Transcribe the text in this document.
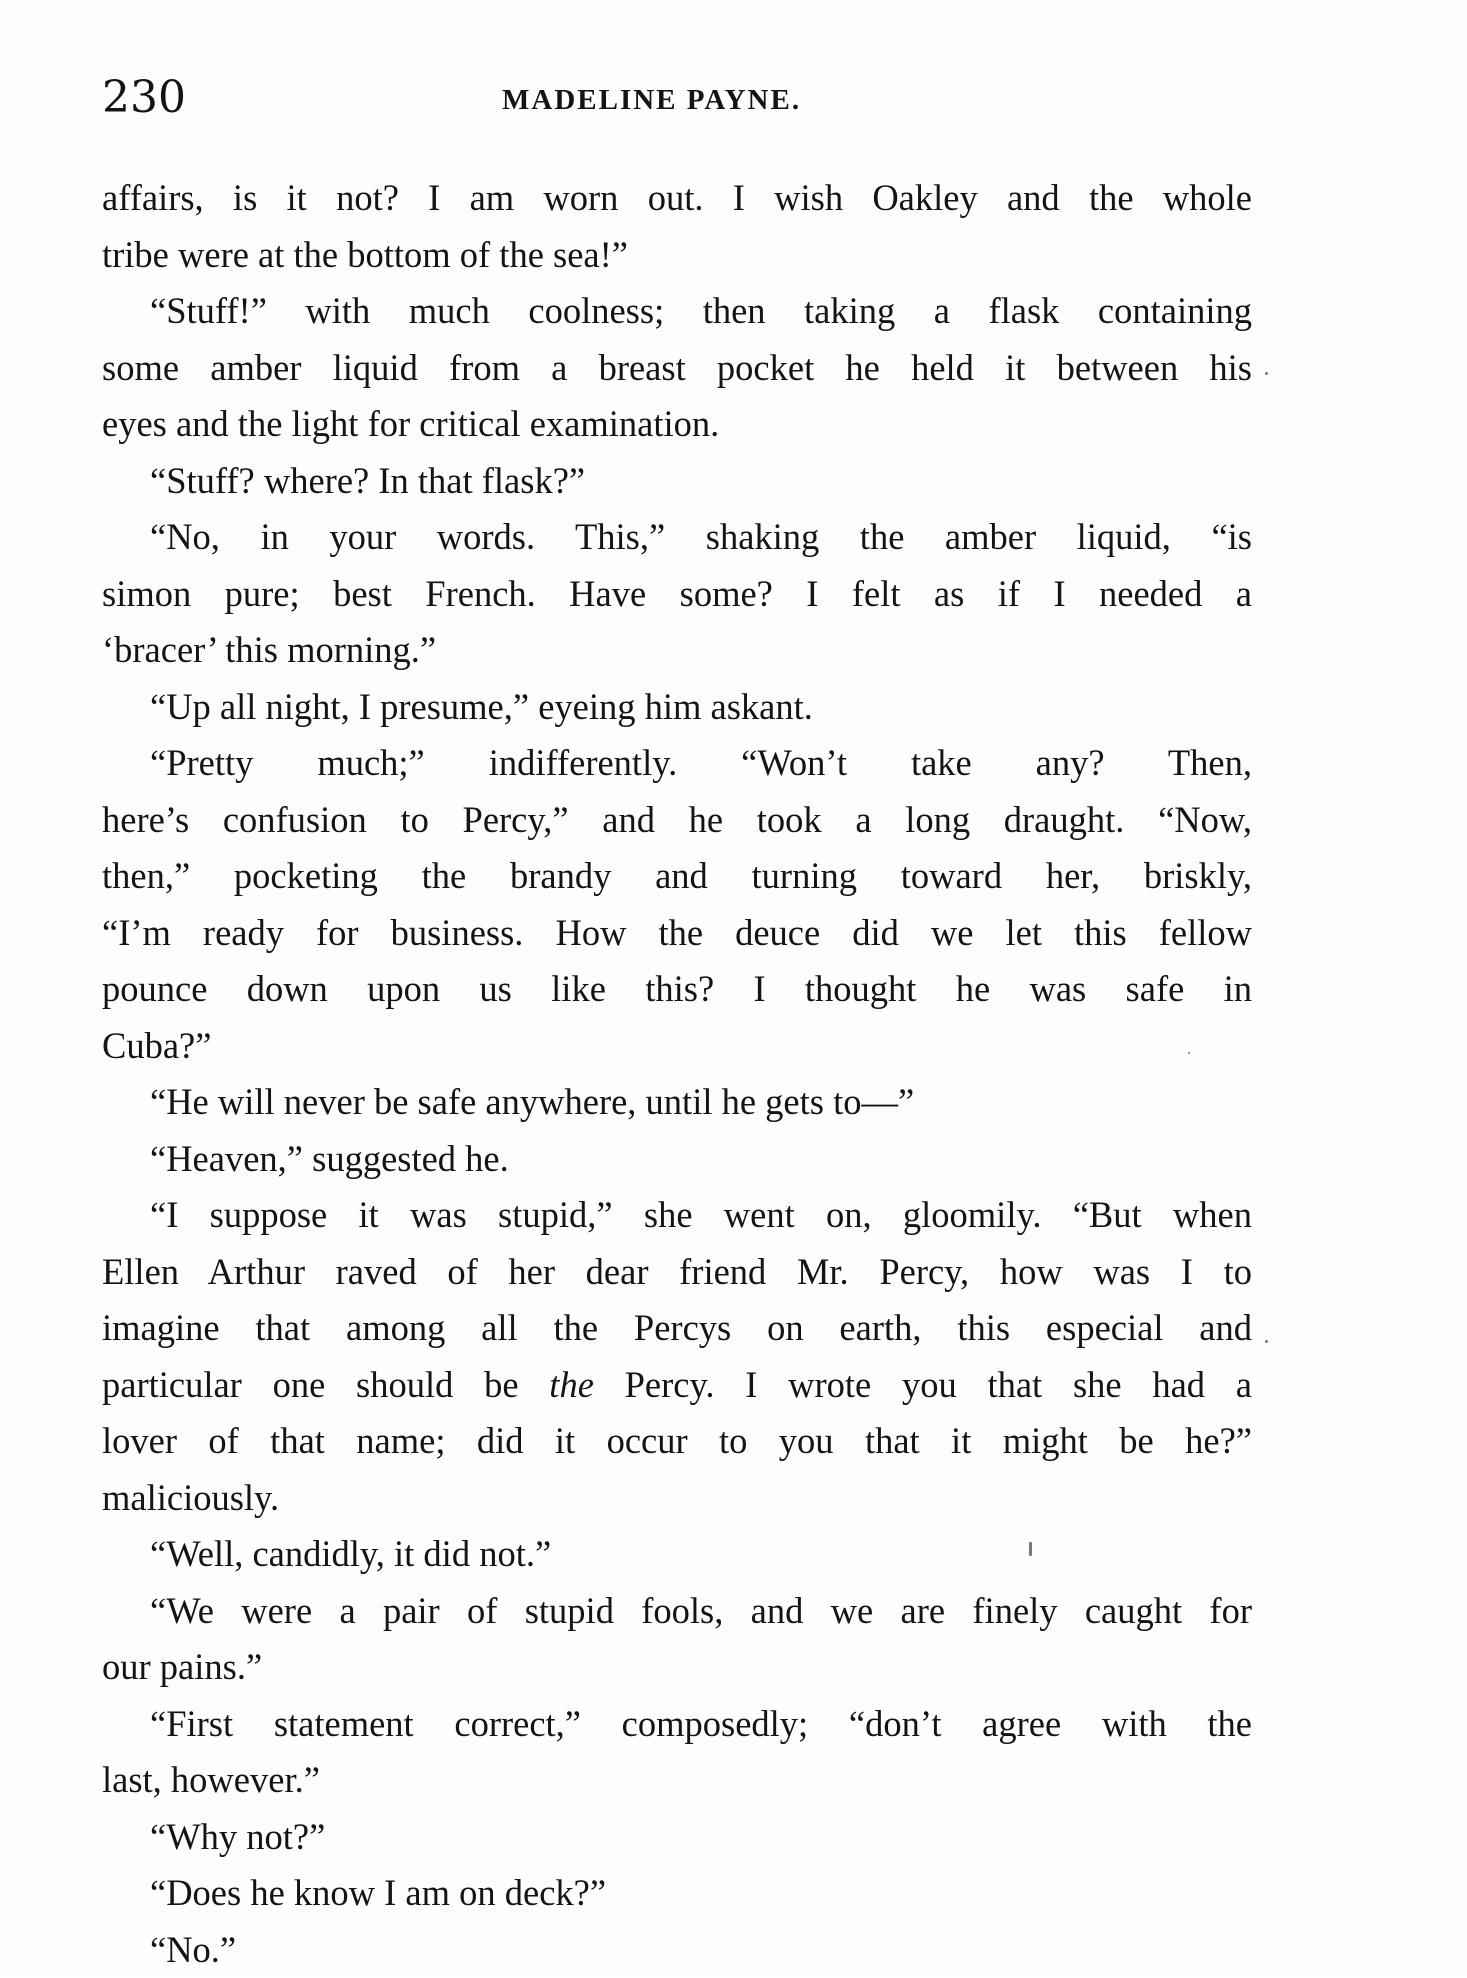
230	MADELINE PAYNE.
affairs, is it not? I am worn out. I wish Oakley and the whole
tribe were at the bottom of the sea!”
“Stuff!” with much coolness; then taking a flask containing
some amber liquid from a breast pocket he held it between his
eyes and the light for critical examination.
“Stuff? where? In that flask?”
“No, in your words. This,” shaking the amber liquid, “is
simon pure; best French. Have some? I felt as if I needed a
‘bracer’ this morning.”
“Up all night, I presume,” eyeing him askant.
“Pretty much;” indifferently. “Won’t take any? Then,
here’s confusion to Percy,” and he took a long draught. “Now,
then,” pocketing the brandy and turning toward her, briskly,
“I’m ready for business. How the deuce did we let this fellow
pounce down upon us like this? I thought he was safe in
Cuba?”
“He will never be safe anywhere, until he gets to—”
“Heaven,” suggested he.
“I suppose it was stupid,” she went on, gloomily. “But when
Ellen Arthur raved of her dear friend Mr. Percy, how was I to
imagine that among all the Percys on earth, this especial and
particular one should be the Percy. I wrote you that she had a
lover of that name; did it occur to you that it might be he?”
maliciously.
“Well, candidly, it did not.”
“We were a pair of stupid fools, and we are finely caught for
our pains.”
“First statement correct,” composedly; “don’t agree with the
last, however.”
“Why not?”
“Does he know I am on deck?”
“No.”
